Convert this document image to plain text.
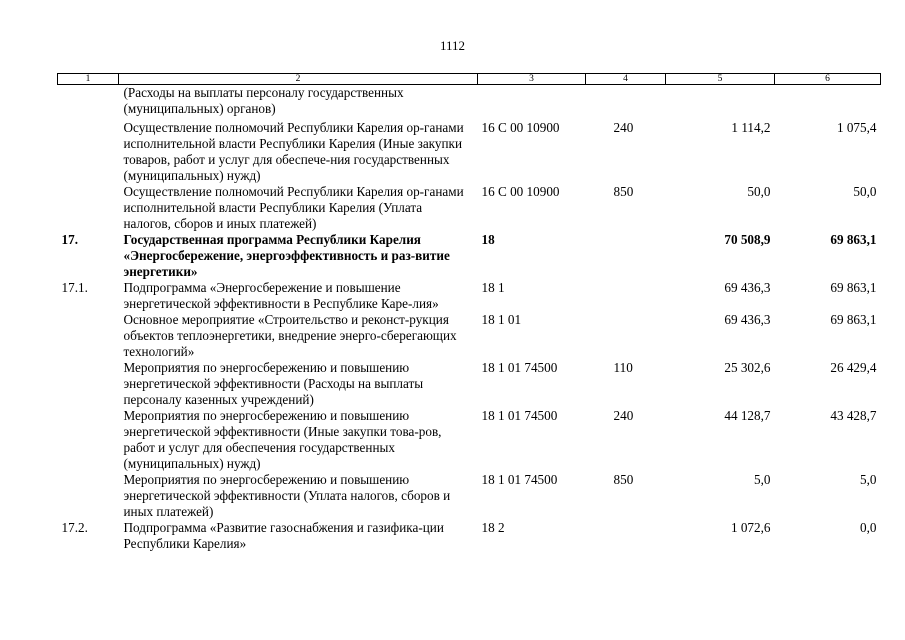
1112
1	2	3	4	5	6
	(Расходы на выплаты персоналу государственных (муниципальных) органов)				
	Осуществление полномочий Республики Карелия ор-ганами исполнительной власти Республики Карелия (Иные закупки товаров, работ и услуг для обеспече-ния государственных (муниципальных) нужд)	16 С 00 10900	240	1 114,2	1 075,4
	Осуществление полномочий Республики Карелия ор-ганами исполнительной власти Республики Карелия (Уплата налогов, сборов и иных платежей)	16 С 00 10900	850	50,0	50,0
17.	Государственная программа Республики Карелия «Энергосбережение, энергоэффективность и раз-витие энергетики»	18		70 508,9	69 863,1
17.1.	Подпрограмма «Энергосбережение и повышение энергетической эффективности в Республике Каре-лия»	18 1		69 436,3	69 863,1
	Основное мероприятие «Строительство и реконст-рукция объектов теплоэнергетики, внедрение энерго-сберегающих технологий»	18 1 01		69 436,3	69 863,1
	Мероприятия по энергосбережению и повышению энергетической эффективности (Расходы на выплаты персоналу казенных учреждений)	18 1 01 74500	110	25 302,6	26 429,4
	Мероприятия по энергосбережению и повышению энергетической эффективности (Иные закупки това-ров, работ и услуг для обеспечения государственных (муниципальных) нужд)	18 1 01 74500	240	44 128,7	43 428,7
	Мероприятия по энергосбережению и повышению энергетической эффективности (Уплата налогов, сборов и иных платежей)	18 1 01 74500	850	5,0	5,0
17.2.	Подпрограмма «Развитие газоснабжения и газифика-ции Республики Карелия»	18 2		1 072,6	0,0
